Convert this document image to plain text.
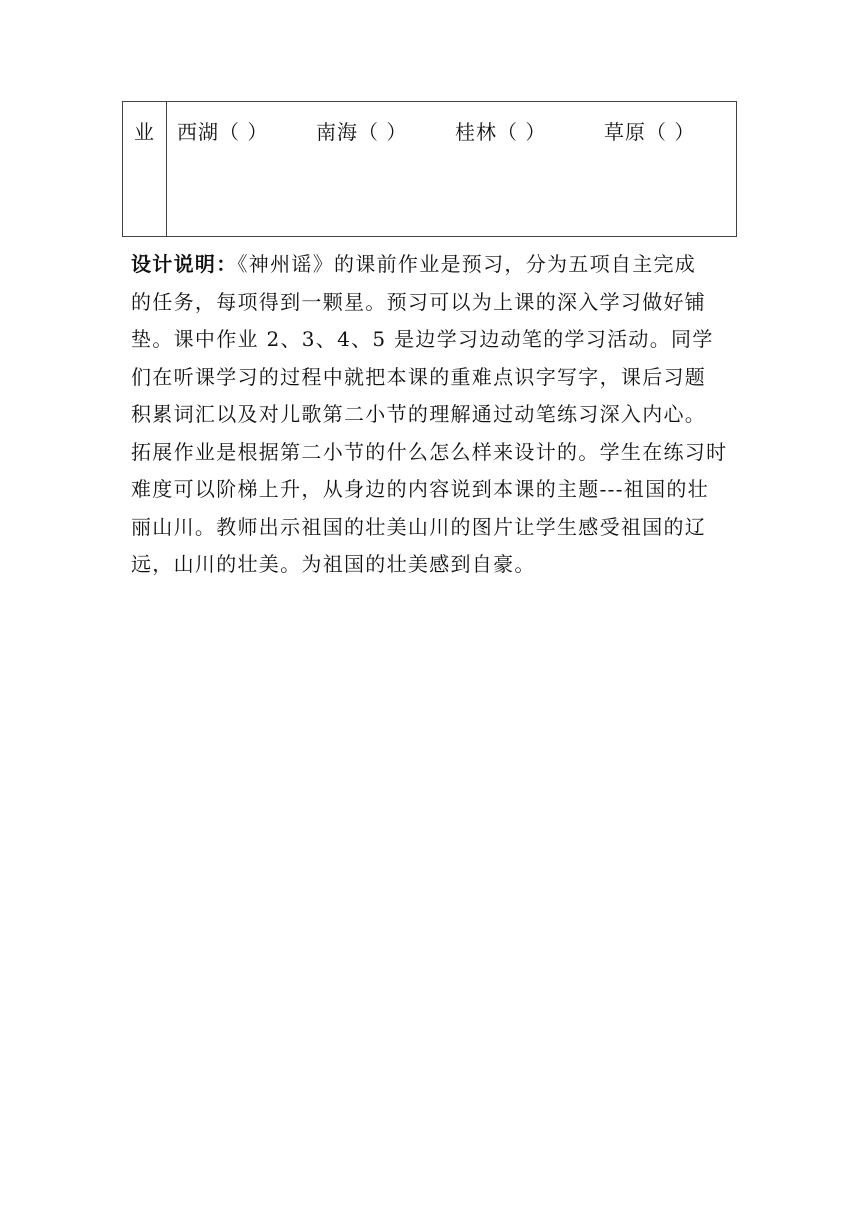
业 西湖（ ） 南海（ ） 桂林（ ）	草原（ ）
设计说明：《神州谣》的课前作业是预习，分为五项自主完成
的任务，每项得到一颗星。预习可以为上课的深入学习做好铺
垫。课中作业 2、3、4、5 是边学习边动笔的学习活动。同学
们在听课学习的过程中就把本课的重难点识字写字，课后习题
积累词汇以及对儿歌第二小节的理解通过动笔练习深入内心。
拓展作业是根据第二小节的什么怎么样来设计的。学生在练习时
难度可以阶梯上升，从身边的内容说到本课的主题---祖国的壮
丽山川。教师出示祖国的壮美山川的图片让学生感受祖国的辽
远，山川的壮美。为祖国的壮美感到自豪。
